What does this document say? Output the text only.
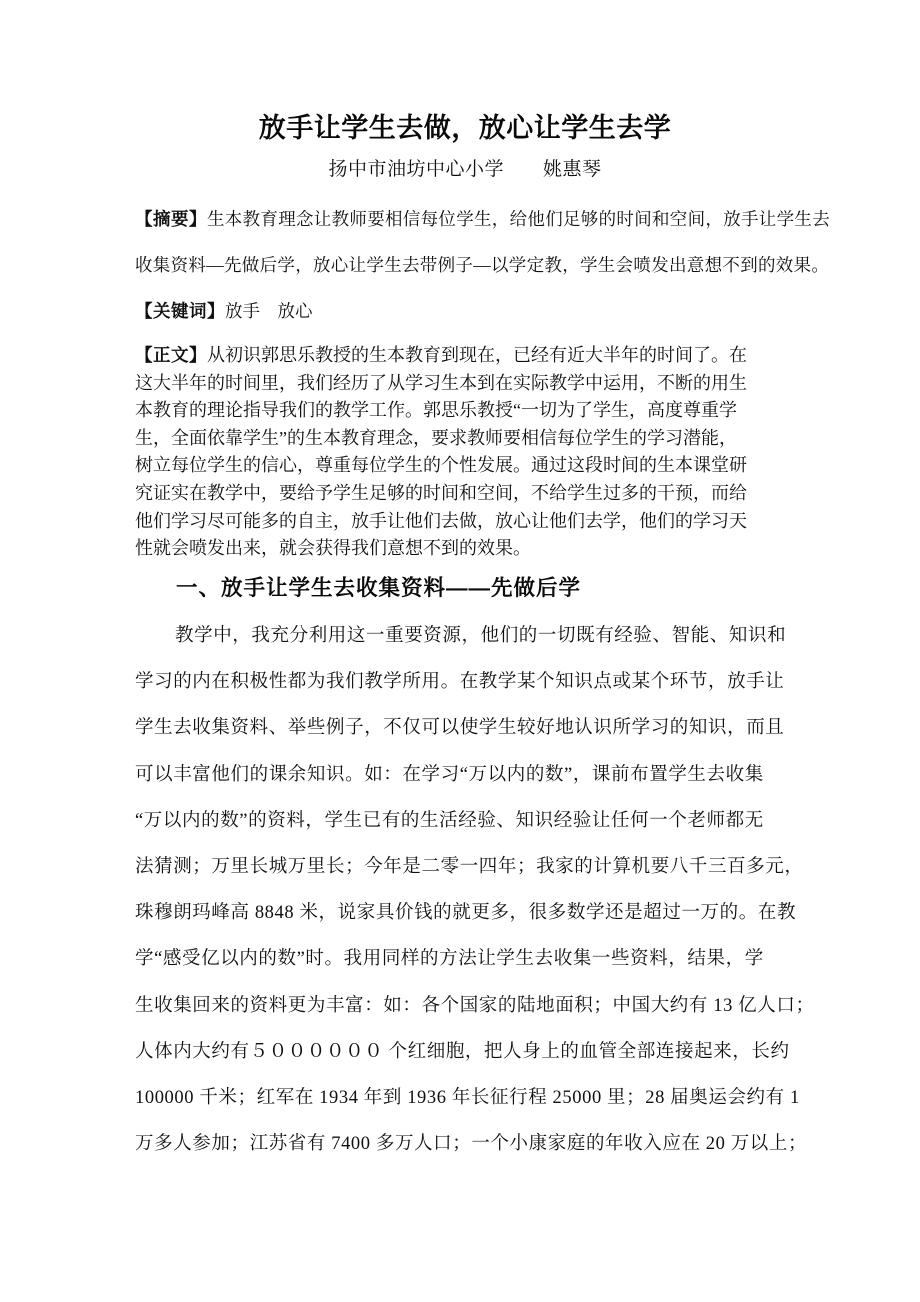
放手让学生去做，放心让学生去学
扬中市油坊中心小学　　姚惠琴
【摘要】生本教育理念让教师要相信每位学生，给他们足够的时间和空间，放手让学生去
收集资料—先做后学，放心让学生去带例子—以学定教，学生会喷发出意想不到的效果。
【关键词】放手　放心
【正文】从初识郭思乐教授的生本教育到现在，已经有近大半年的时间了。在
这大半年的时间里，我们经历了从学习生本到在实际教学中运用，不断的用生
本教育的理论指导我们的教学工作。郭思乐教授“一切为了学生，高度尊重学
生，全面依靠学生”的生本教育理念，要求教师要相信每位学生的学习潜能，
树立每位学生的信心，尊重每位学生的个性发展。通过这段时间的生本课堂研
究证实在教学中，要给予学生足够的时间和空间，不给学生过多的干预，而给
他们学习尽可能多的自主，放手让他们去做，放心让他们去学，他们的学习天
性就会喷发出来，就会获得我们意想不到的效果。
一、放手让学生去收集资料——先做后学
教学中，我充分利用这一重要资源，他们的一切既有经验、智能、知识和
学习的内在积极性都为我们教学所用。在教学某个知识点或某个环节，放手让
学生去收集资料、举些例子，不仅可以使学生较好地认识所学习的知识，而且
可以丰富他们的课余知识。如：在学习“万以内的数”，课前布置学生去收集
“万以内的数”的资料，学生已有的生活经验、知识经验让任何一个老师都无
法猜测；万里长城万里长；今年是二零一四年；我家的计算机要八千三百多元，
珠穆朗玛峰高 8848 米，说家具价钱的就更多，很多数学还是超过一万的。在教
学“感受亿以内的数”时。我用同样的方法让学生去收集一些资料，结果，学
生收集回来的资料更为丰富：如：各个国家的陆地面积；中国大约有 13 亿人口；
人体内大约有５００００００ 个红细胞，把人身上的血管全部连接起来，长约
100000 千米；红军在 1934 年到 1936 年长征行程 25000 里；28 届奥运会约有 1
万多人参加；江苏省有 7400 多万人口；一个小康家庭的年收入应在 20 万以上；
